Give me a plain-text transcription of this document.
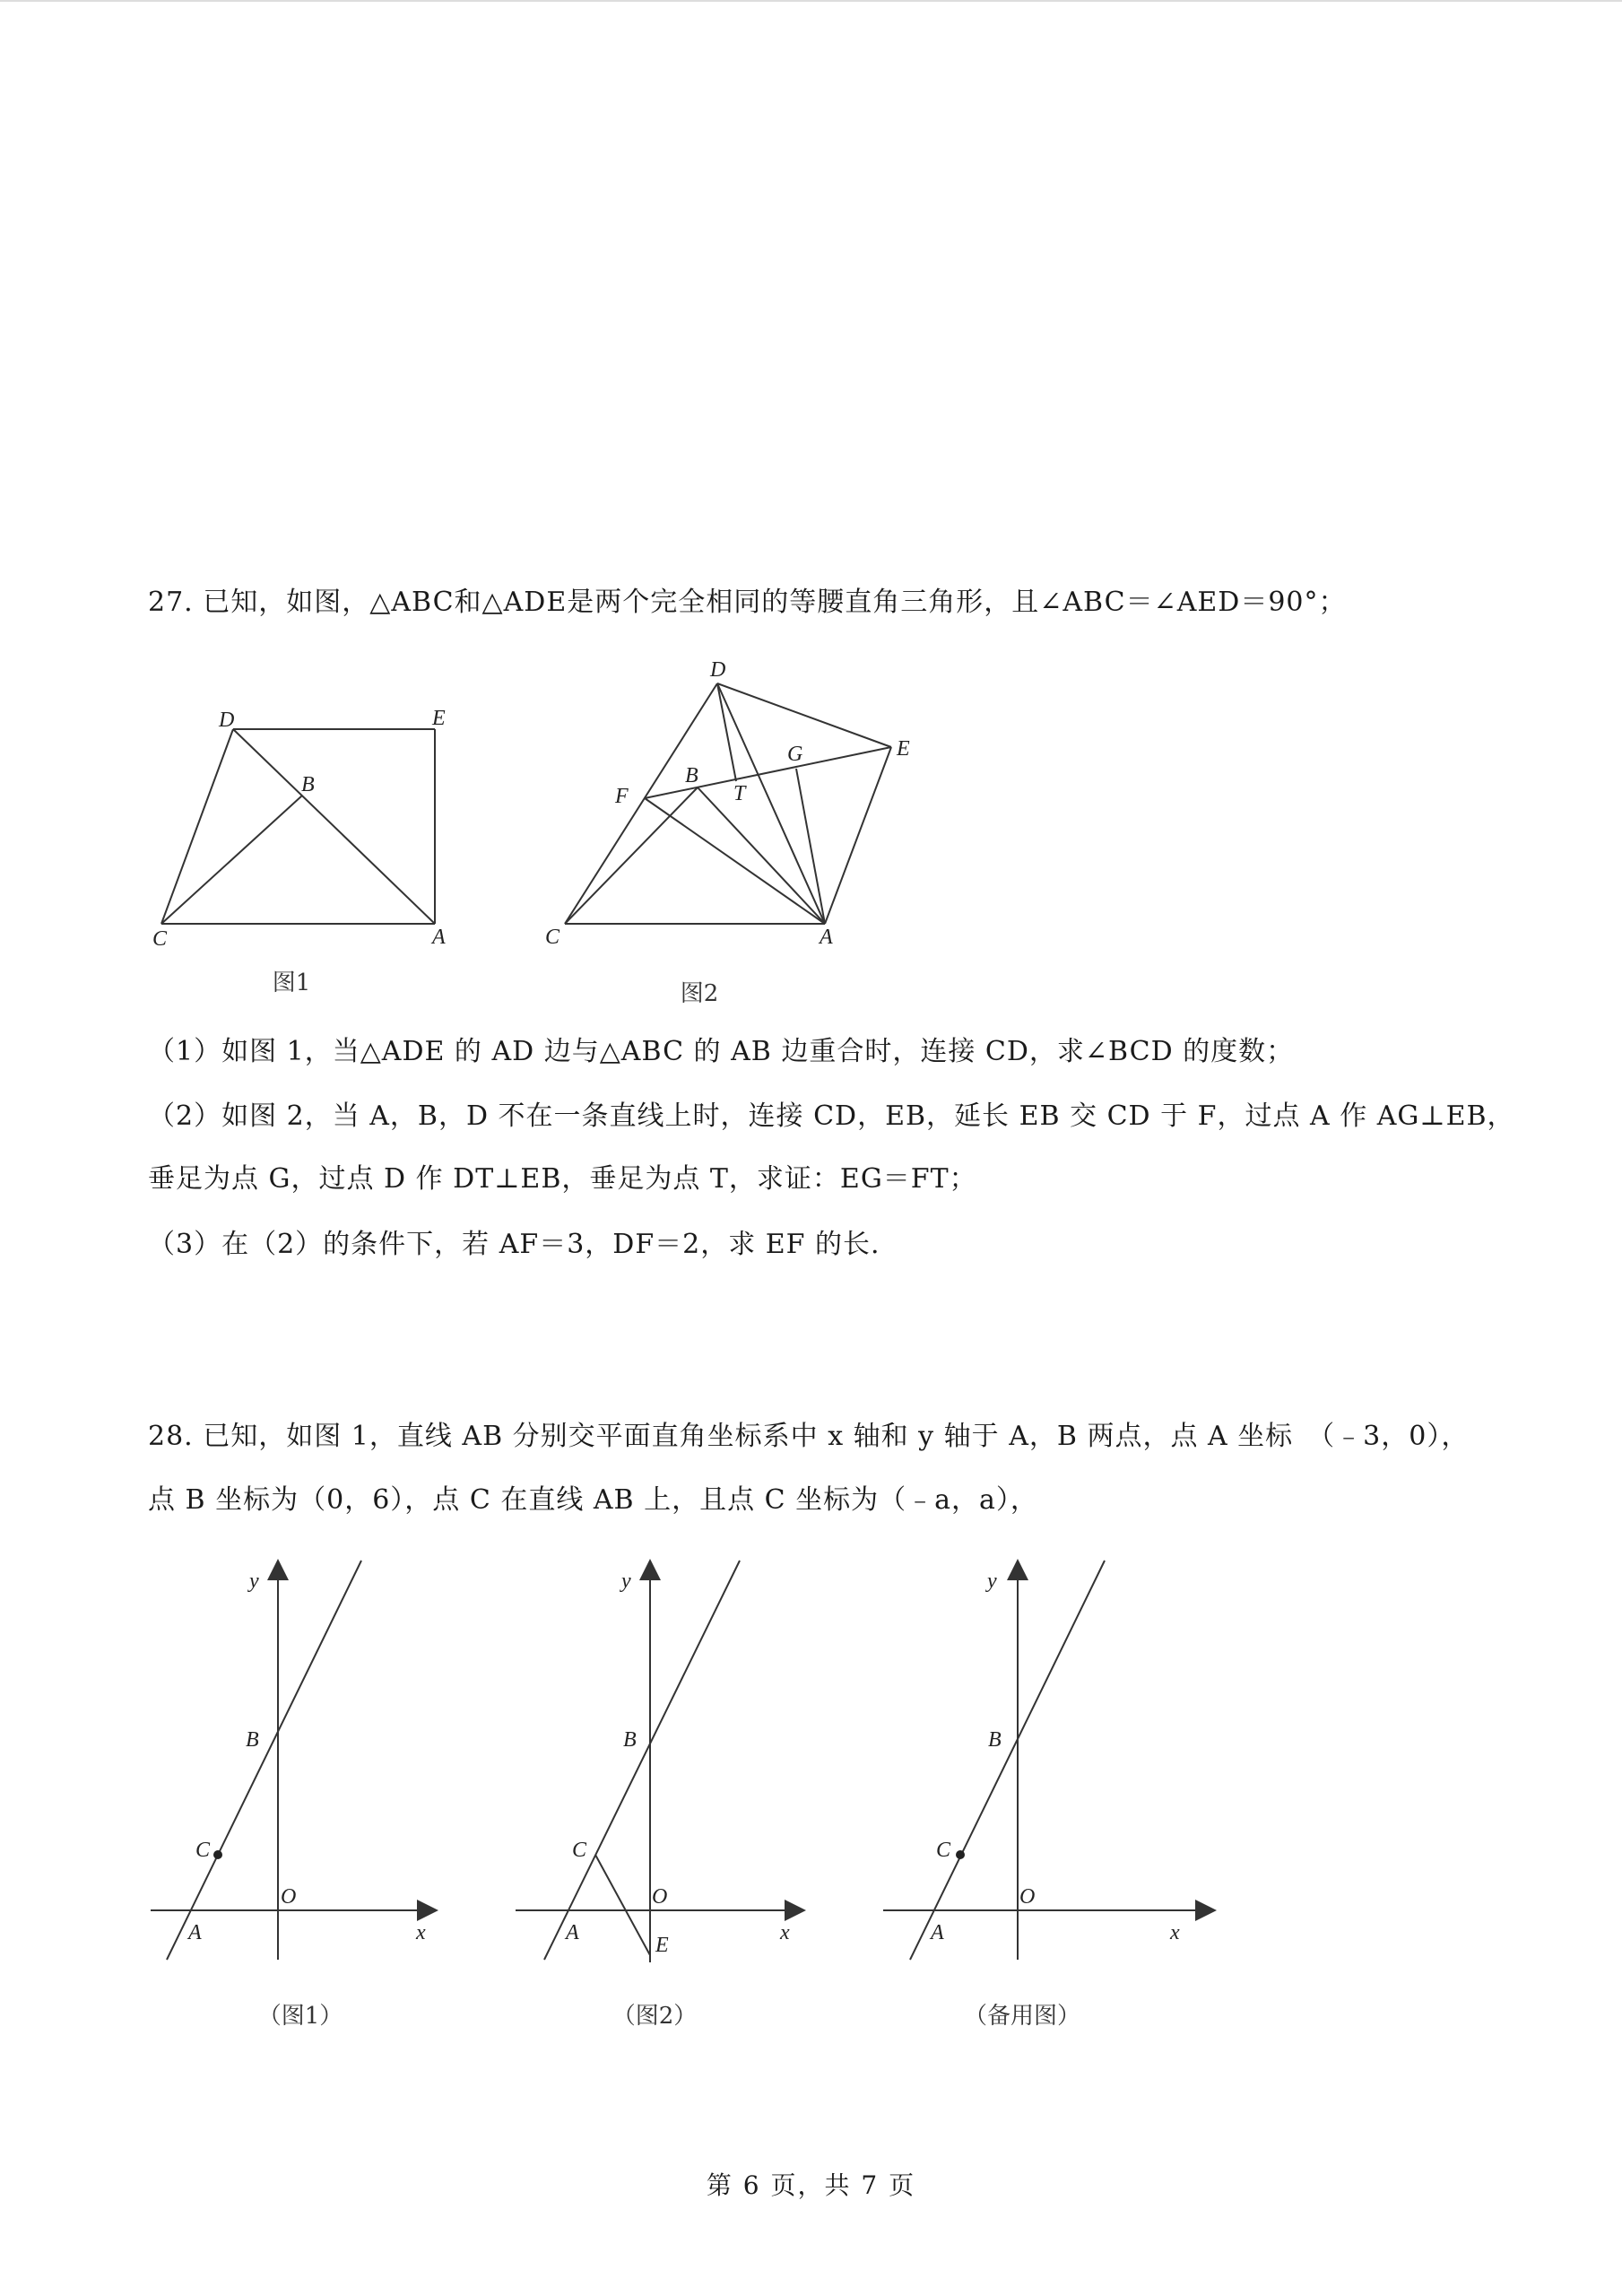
27. 已知，如图，△ABC和△ADE是两个完全相同的等腰直角三角形，且∠ABC＝∠AED＝90°；
D	E
B
C	A
图1
D
E
G
F
B
T
C	A
图2
（1）如图 1，当△ADE 的 AD 边与△ABC 的 AB 边重合时，连接 CD，求∠BCD 的度数；
（2）如图 2，当 A，B，D 不在一条直线上时，连接 CD，EB，延长 EB 交 CD 于 F，过点 A 作 AG⊥EB，
垂足为点 G，过点 D 作 DT⊥EB，垂足为点 T，求证：EG＝FT；
（3）在（2）的条件下，若 AF＝3，DF＝2，求 EF 的长.
28. 已知，如图 1，直线 AB 分别交平面直角坐标系中 x 轴和 y 轴于 A，B 两点，点 A 坐标　（﹣3，0），
点 B 坐标为（0，6），点 C 在直线 AB 上，且点 C 坐标为（﹣a，a），
y
B
C
O
A	x
（图1）
y
B
C
O
A
E
x
（图2）
y
B
C
O
A	x
（备用图）
第 6 页，共 7 页
